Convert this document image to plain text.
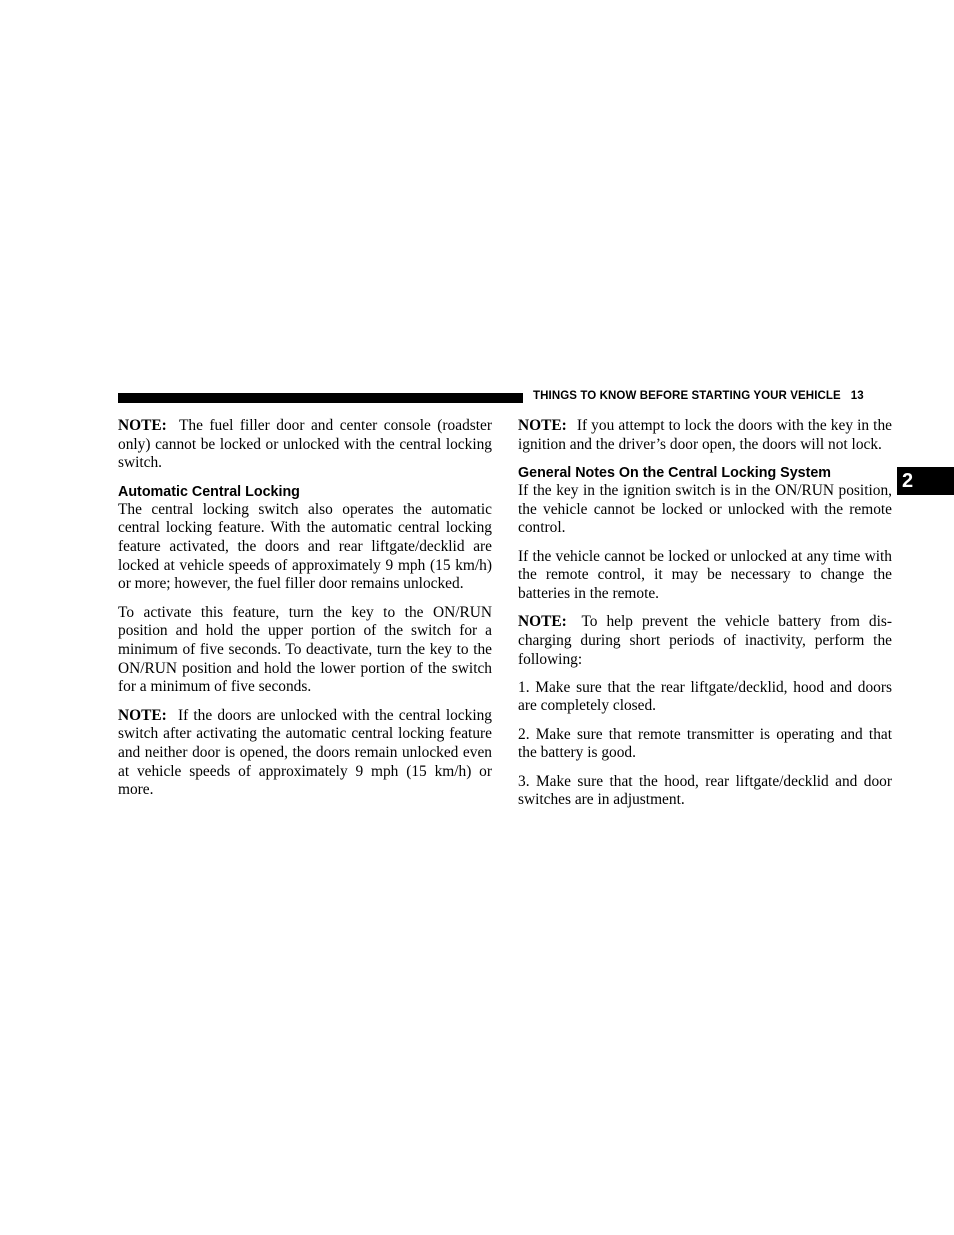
THINGS TO KNOW BEFORE STARTING YOUR VEHICLE 13
2

NOTE: The fuel filler door and center console (roadster only) cannot be locked or unlocked with the central locking switch.

Automatic Central Locking

The central locking switch also operates the automatic central locking feature. With the automatic central locking feature activated, the doors and rear liftgate/decklid are locked at vehicle speeds of approximately 9 mph (15 km/h) or more; however, the fuel filler door remains unlocked.

To activate this feature, turn the key to the ON/RUN position and hold the upper portion of the switch for a minimum of five seconds. To deactivate, turn the key to the ON/RUN position and hold the lower portion of the switch for a minimum of five seconds.

NOTE: If the doors are unlocked with the central locking switch after activating the automatic central locking feature and neither door is opened, the doors remain unlocked even at vehicle speeds of approximately 9 mph (15 km/h) or more.

NOTE: If you attempt to lock the doors with the key in the ignition and the driver’s door open, the doors will not lock.

General Notes On the Central Locking System

If the key in the ignition switch is in the ON/RUN position, the vehicle cannot be locked or unlocked with the remote control.

If the vehicle cannot be locked or unlocked at any time with the remote control, it may be necessary to change the batteries in the remote.

NOTE: To help prevent the vehicle battery from discharging during short periods of inactivity, perform the following:

1. Make sure that the rear liftgate/decklid, hood and doors are completely closed.

2. Make sure that remote transmitter is operating and that the battery is good.

3. Make sure that the hood, rear liftgate/decklid and door switches are in adjustment.
